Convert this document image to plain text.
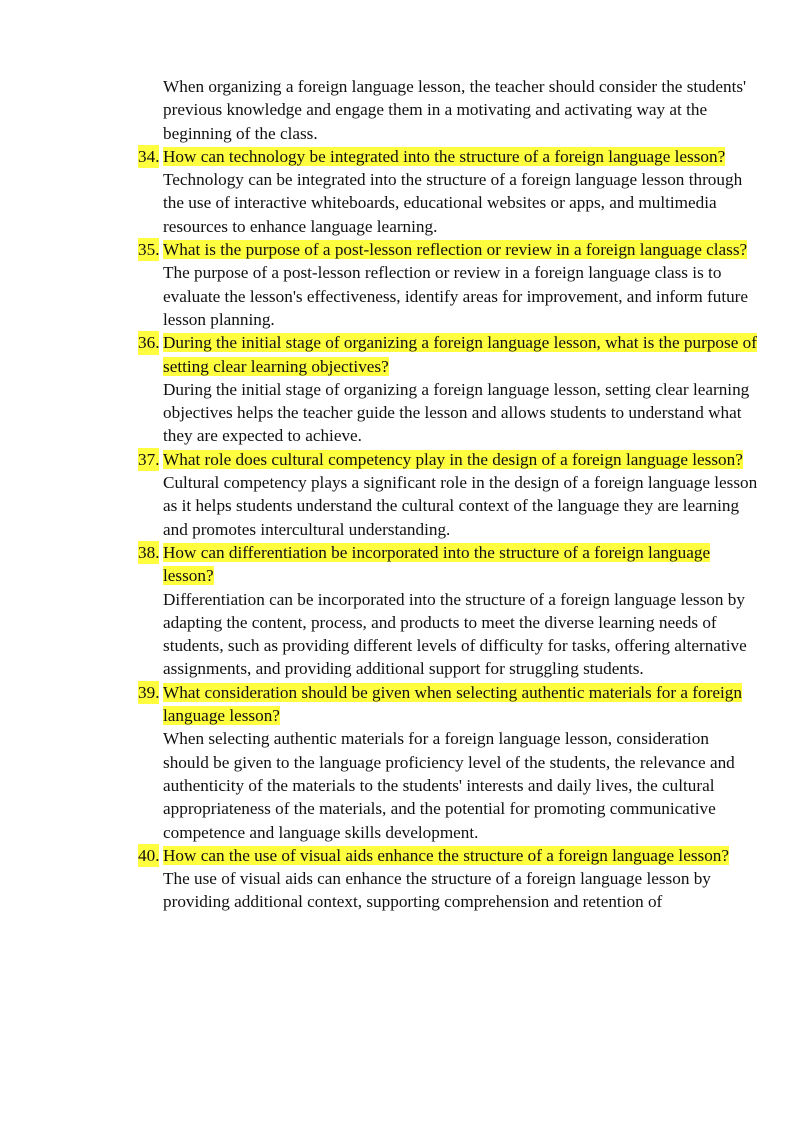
When organizing a foreign language lesson, the teacher should consider the students' previous knowledge and engage them in a motivating and activating way at the beginning of the class.

34. How can technology be integrated into the structure of a foreign language lesson?

Technology can be integrated into the structure of a foreign language lesson through the use of interactive whiteboards, educational websites or apps, and multimedia resources to enhance language learning.

35. What is the purpose of a post-lesson reflection or review in a foreign language class?

The purpose of a post-lesson reflection or review in a foreign language class is to evaluate the lesson's effectiveness, identify areas for improvement, and inform future lesson planning.

36. During the initial stage of organizing a foreign language lesson, what is the purpose of setting clear learning objectives?

During the initial stage of organizing a foreign language lesson, setting clear learning objectives helps the teacher guide the lesson and allows students to understand what they are expected to achieve.

37. What role does cultural competency play in the design of a foreign language lesson?

Cultural competency plays a significant role in the design of a foreign language lesson as it helps students understand the cultural context of the language they are learning and promotes intercultural understanding.

38. How can differentiation be incorporated into the structure of a foreign language lesson?

Differentiation can be incorporated into the structure of a foreign language lesson by adapting the content, process, and products to meet the diverse learning needs of students, such as providing different levels of difficulty for tasks, offering alternative assignments, and providing additional support for struggling students.

39. What consideration should be given when selecting authentic materials for a foreign language lesson?

When selecting authentic materials for a foreign language lesson, consideration should be given to the language proficiency level of the students, the relevance and authenticity of the materials to the students' interests and daily lives, the cultural appropriateness of the materials, and the potential for promoting communicative competence and language skills development.

40. How can the use of visual aids enhance the structure of a foreign language lesson?

The use of visual aids can enhance the structure of a foreign language lesson by providing additional context, supporting comprehension and retention of
